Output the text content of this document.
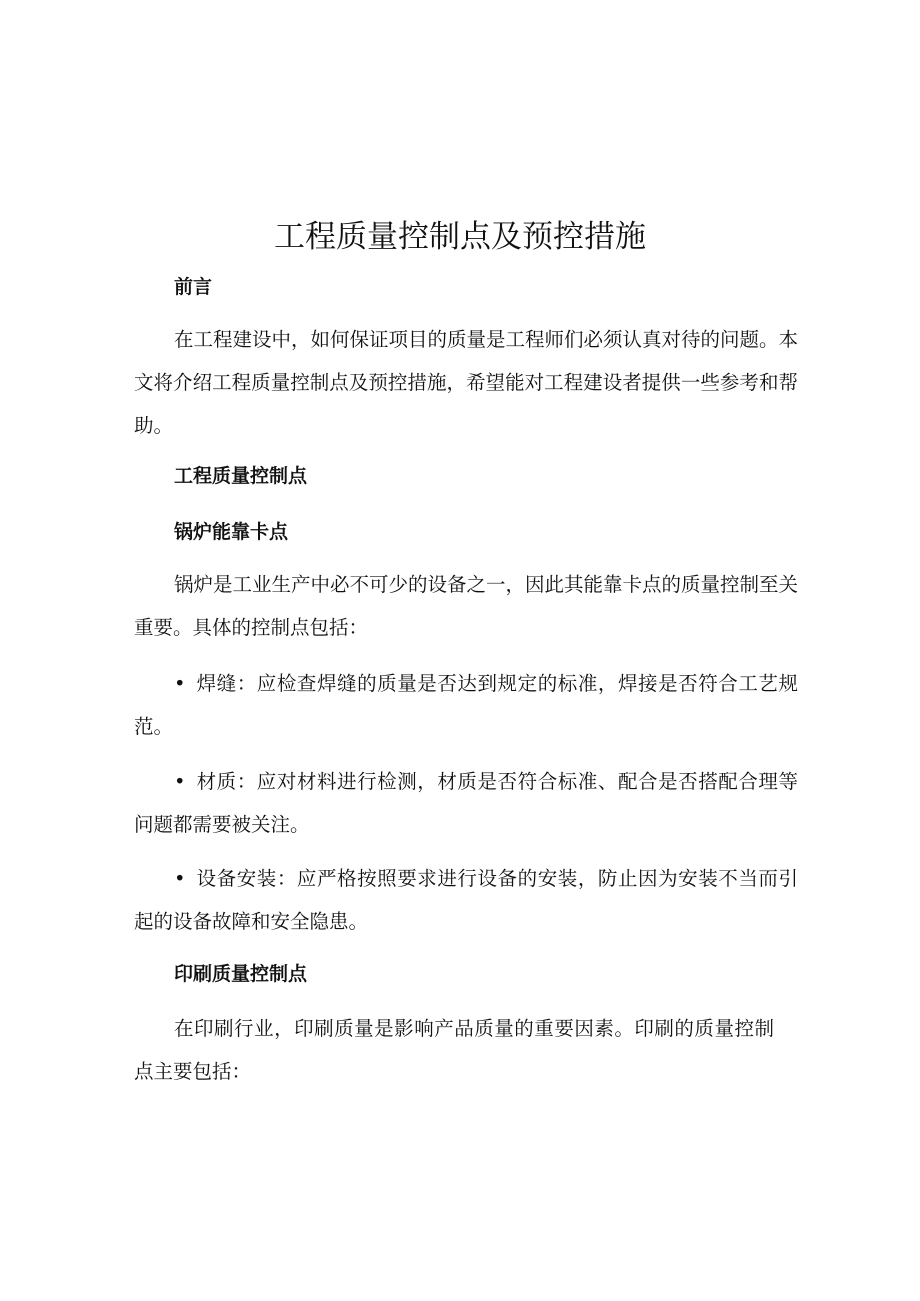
工程质量控制点及预控措施
前言

在工程建设中，如何保证项目的质量是工程师们必须认真对待的问题。本文将介绍工程质量控制点及预控措施，希望能对工程建设者提供一些参考和帮助。

工程质量控制点
锅炉能靠卡点

锅炉是工业生产中必不可少的设备之一，因此其能靠卡点的质量控制至关重要。具体的控制点包括：

• 焊缝：应检查焊缝的质量是否达到规定的标准，焊接是否符合工艺规范。

• 材质：应对材料进行检测，材质是否符合标准、配合是否搭配合理等问题都需要被关注。

• 设备安装：应严格按照要求进行设备的安装，防止因为安装不当而引起的设备故障和安全隐患。

印刷质量控制点

在印刷行业，印刷质量是影响产品质量的重要因素。印刷的质量控制点主要包括：
